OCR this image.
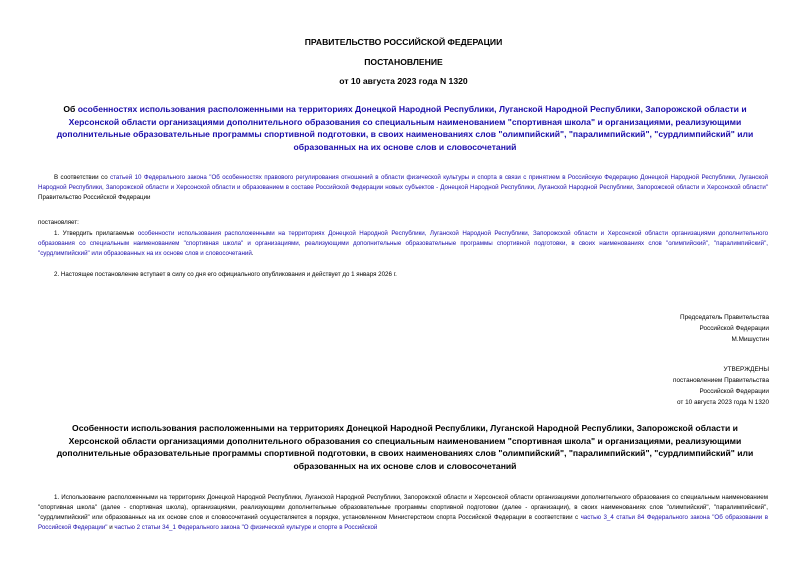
ПРАВИТЕЛЬСТВО РОССИЙСКОЙ ФЕДЕРАЦИИ
ПОСТАНОВЛЕНИЕ
от 10 августа 2023 года N 1320
Об особенностях использования расположенными на территориях Донецкой Народной Республики, Луганской Народной Республики, Запорожской области и Херсонской области организациями дополнительного образования со специальным наименованием "спортивная школа" и организациями, реализующими дополнительные образовательные программы спортивной подготовки, в своих наименованиях слов "олимпийский", "паралимпийский", "сурдлимпийский" или образованных на их основе слов и словосочетаний
В соответствии со статьей 10 Федерального закона "Об особенностях правового регулирования отношений в области физической культуры и спорта в связи с принятием в Российскую Федерацию Донецкой Народной Республики, Луганской Народной Республики, Запорожской области и Херсонской области и образованием в составе Российской Федерации новых субъектов - Донецкой Народной Республики, Луганской Народной Республики, Запорожской области и Херсонской области" Правительство Российской Федерации
постановляет:
1. Утвердить прилагаемые особенности использования расположенными на территориях Донецкой Народной Республики, Луганской Народной Республики, Запорожской области и Херсонской области организациями дополнительного образования со специальным наименованием "спортивная школа" и организациями, реализующими дополнительные образовательные программы спортивной подготовки, в своих наименованиях слов "олимпийский", "паралимпийский", "сурдлимпийский" или образованных на их основе слов и словосочетаний.
2. Настоящее постановление вступает в силу со дня его официального опубликования и действует до 1 января 2026 г.
Председатель Правительства
Российской Федерации
М.Мишустин
УТВЕРЖДЕНЫ
постановлением Правительства
Российской Федерации
от 10 августа 2023 года N 1320
Особенности использования расположенными на территориях Донецкой Народной Республики, Луганской Народной Республики, Запорожской области и Херсонской области организациями дополнительного образования со специальным наименованием "спортивная школа" и организациями, реализующими дополнительные образовательные программы спортивной подготовки, в своих наименованиях слов "олимпийский", "паралимпийский", "сурдлимпийский" или образованных на их основе слов и словосочетаний
1. Использование расположенными на территориях Донецкой Народной Республики, Луганской Народной Республики, Запорожской области и Херсонской области организациями дополнительного образования со специальным наименованием "спортивная школа" (далее - спортивная школа), организациями, реализующими дополнительные образовательные программы спортивной подготовки (далее - организации), в своих наименованиях слов "олимпийский", "паралимпийский", "сурдлимпийский" или образованных на их основе слов и словосочетаний осуществляется в порядке, установленном Министерством спорта Российской Федерации в соответствии с частью 3_4 статьи 84 Федерального закона "Об образовании в Российской Федерации" и частью 2 статьи 34_1 Федерального закона "О физической культуре и спорте в Российской
